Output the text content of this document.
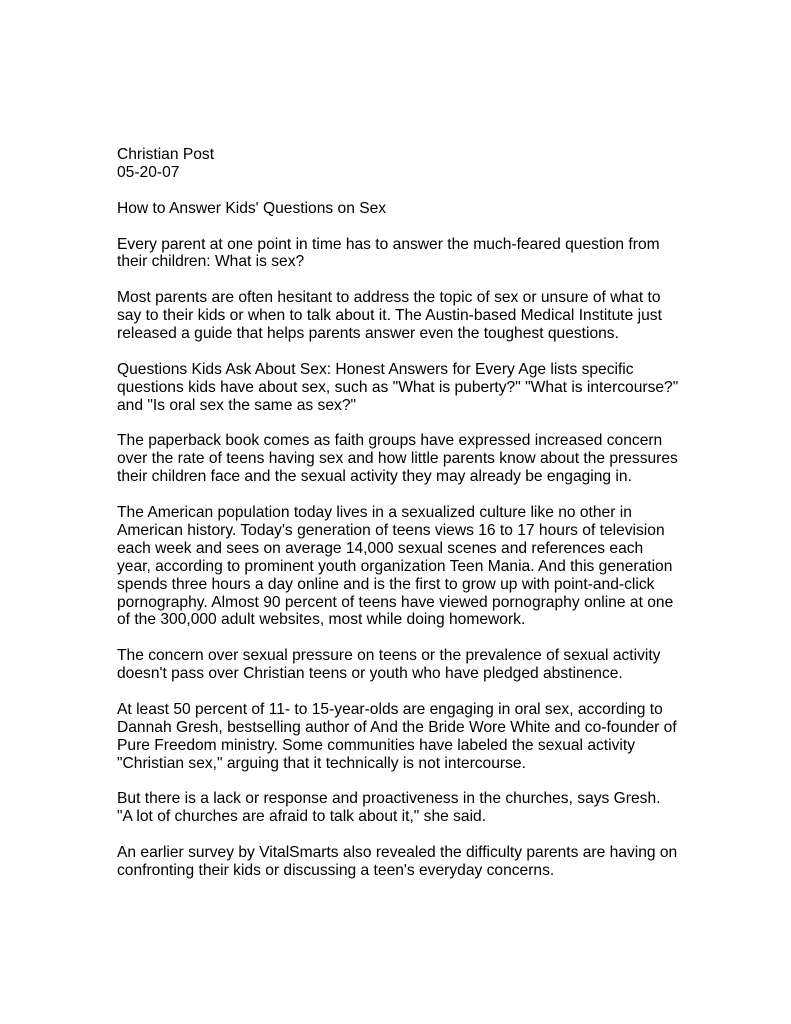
Christian Post
05-20-07
How to Answer Kids' Questions on Sex
Every parent at one point in time has to answer the much-feared question from
their children: What is sex?
Most parents are often hesitant to address the topic of sex or unsure of what to
say to their kids or when to talk about it. The Austin-based Medical Institute just
released a guide that helps parents answer even the toughest questions.
Questions Kids Ask About Sex: Honest Answers for Every Age lists specific
questions kids have about sex, such as "What is puberty?" "What is intercourse?"
and "Is oral sex the same as sex?"
The paperback book comes as faith groups have expressed increased concern
over the rate of teens having sex and how little parents know about the pressures
their children face and the sexual activity they may already be engaging in.
The American population today lives in a sexualized culture like no other in
American history. Today's generation of teens views 16 to 17 hours of television
each week and sees on average 14,000 sexual scenes and references each
year, according to prominent youth organization Teen Mania. And this generation
spends three hours a day online and is the first to grow up with point-and-click
pornography. Almost 90 percent of teens have viewed pornography online at one
of the 300,000 adult websites, most while doing homework.
The concern over sexual pressure on teens or the prevalence of sexual activity
doesn't pass over Christian teens or youth who have pledged abstinence.
At least 50 percent of 11- to 15-year-olds are engaging in oral sex, according to
Dannah Gresh, bestselling author of And the Bride Wore White and co-founder of
Pure Freedom ministry. Some communities have labeled the sexual activity
"Christian sex," arguing that it technically is not intercourse.
But there is a lack or response and proactiveness in the churches, says Gresh.
"A lot of churches are afraid to talk about it," she said.
An earlier survey by VitalSmarts also revealed the difficulty parents are having on
confronting their kids or discussing a teen's everyday concerns.
